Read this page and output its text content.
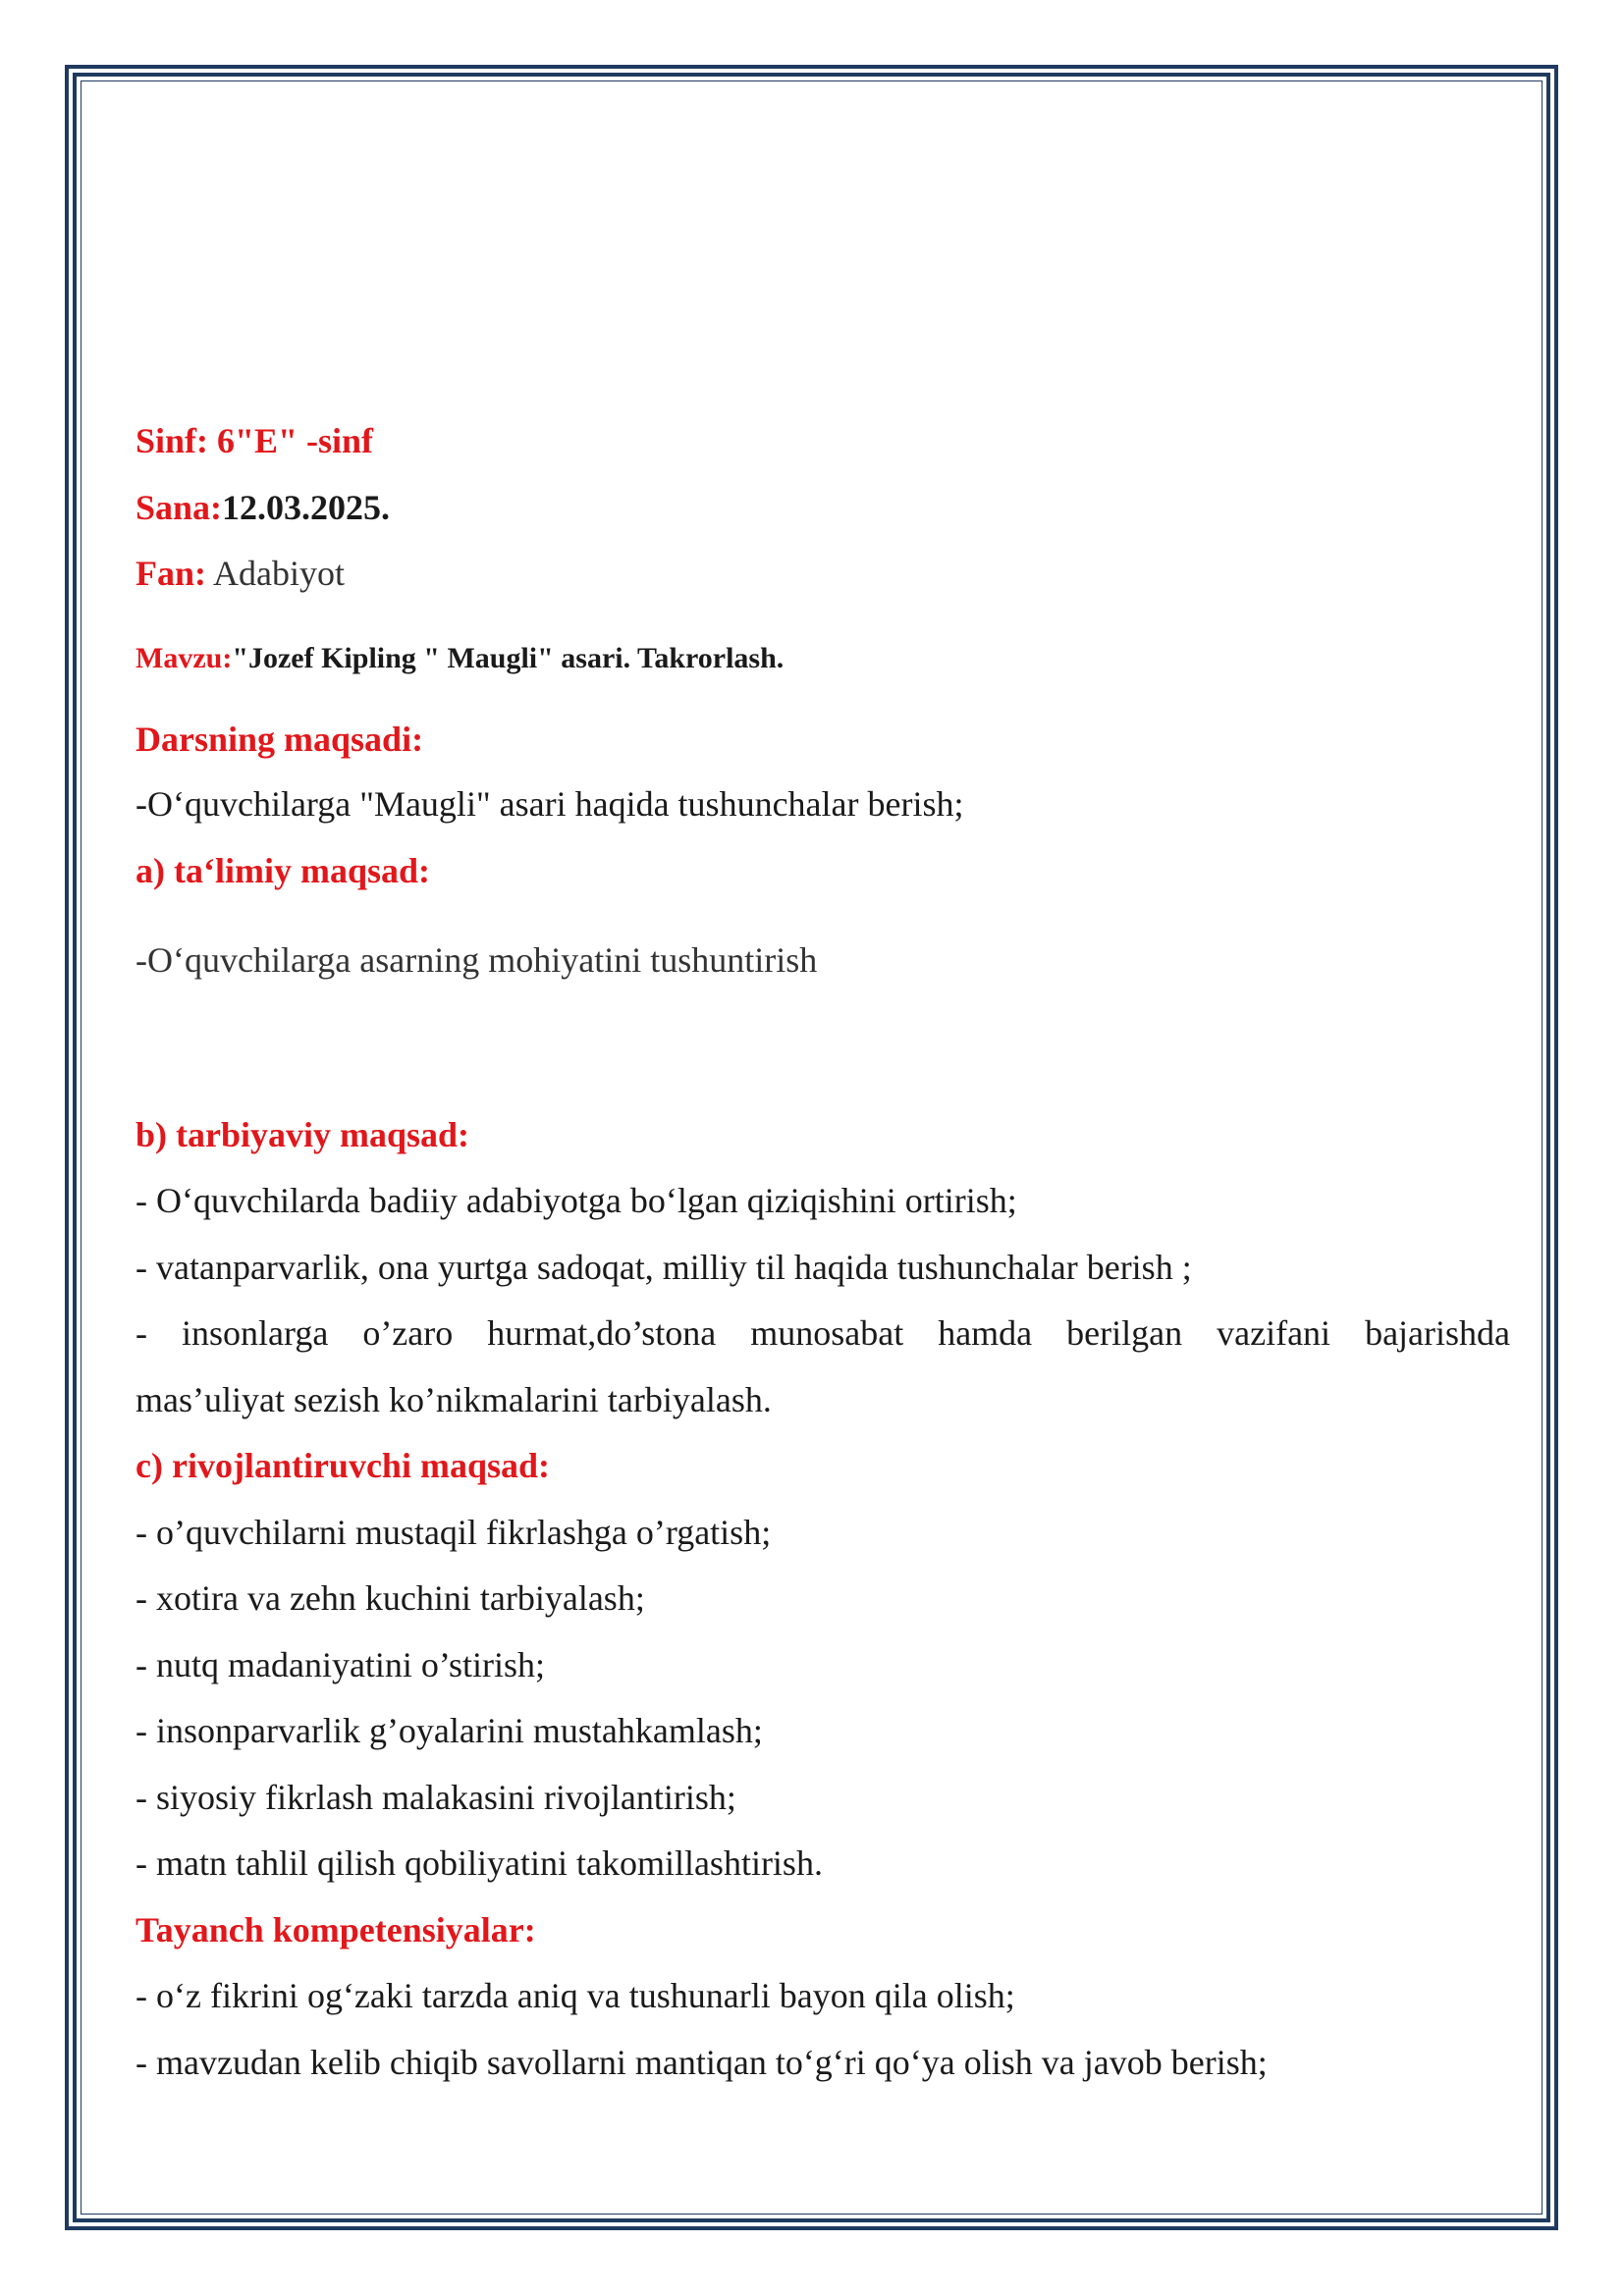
Sinf: 6"E" -sinf
Sana:12.03.2025.
Fan: Adabiyot
Mavzu:"Jozef Kipling " Maugli" asari. Takrorlash.
Darsning maqsadi:
-O‘quvchilarga "Maugli" asari haqida tushunchalar berish;
a) ta‘limiy maqsad:
-O‘quvchilarga asarning mohiyatini tushuntirish
b) tarbiyaviy maqsad:
- O‘quvchilarda badiiy adabiyotga bo‘lgan qiziqishini ortirish;
- vatanparvarlik, ona yurtga sadoqat, milliy til haqida tushunchalar berish ;
- insonlarga o’zaro hurmat,do’stona munosabat hamda berilgan vazifani bajarishda
mas’uliyat sezish ko’nikmalarini tarbiyalash.
c) rivojlantiruvchi maqsad:
- o’quvchilarni mustaqil fikrlashga o’rgatish;
- xotira va zehn kuchini tarbiyalash;
- nutq madaniyatini o’stirish;
- insonparvarlik g’oyalarini mustahkamlash;
- siyosiy fikrlash malakasini rivojlantirish;
- matn tahlil qilish qobiliyatini takomillashtirish.
Tayanch kompetensiyalar:
- o‘z fikrini og‘zaki tarzda aniq va tushunarli bayon qila olish;
- mavzudan kelib chiqib savollarni mantiqan to‘g‘ri qo‘ya olish va javob berish;
